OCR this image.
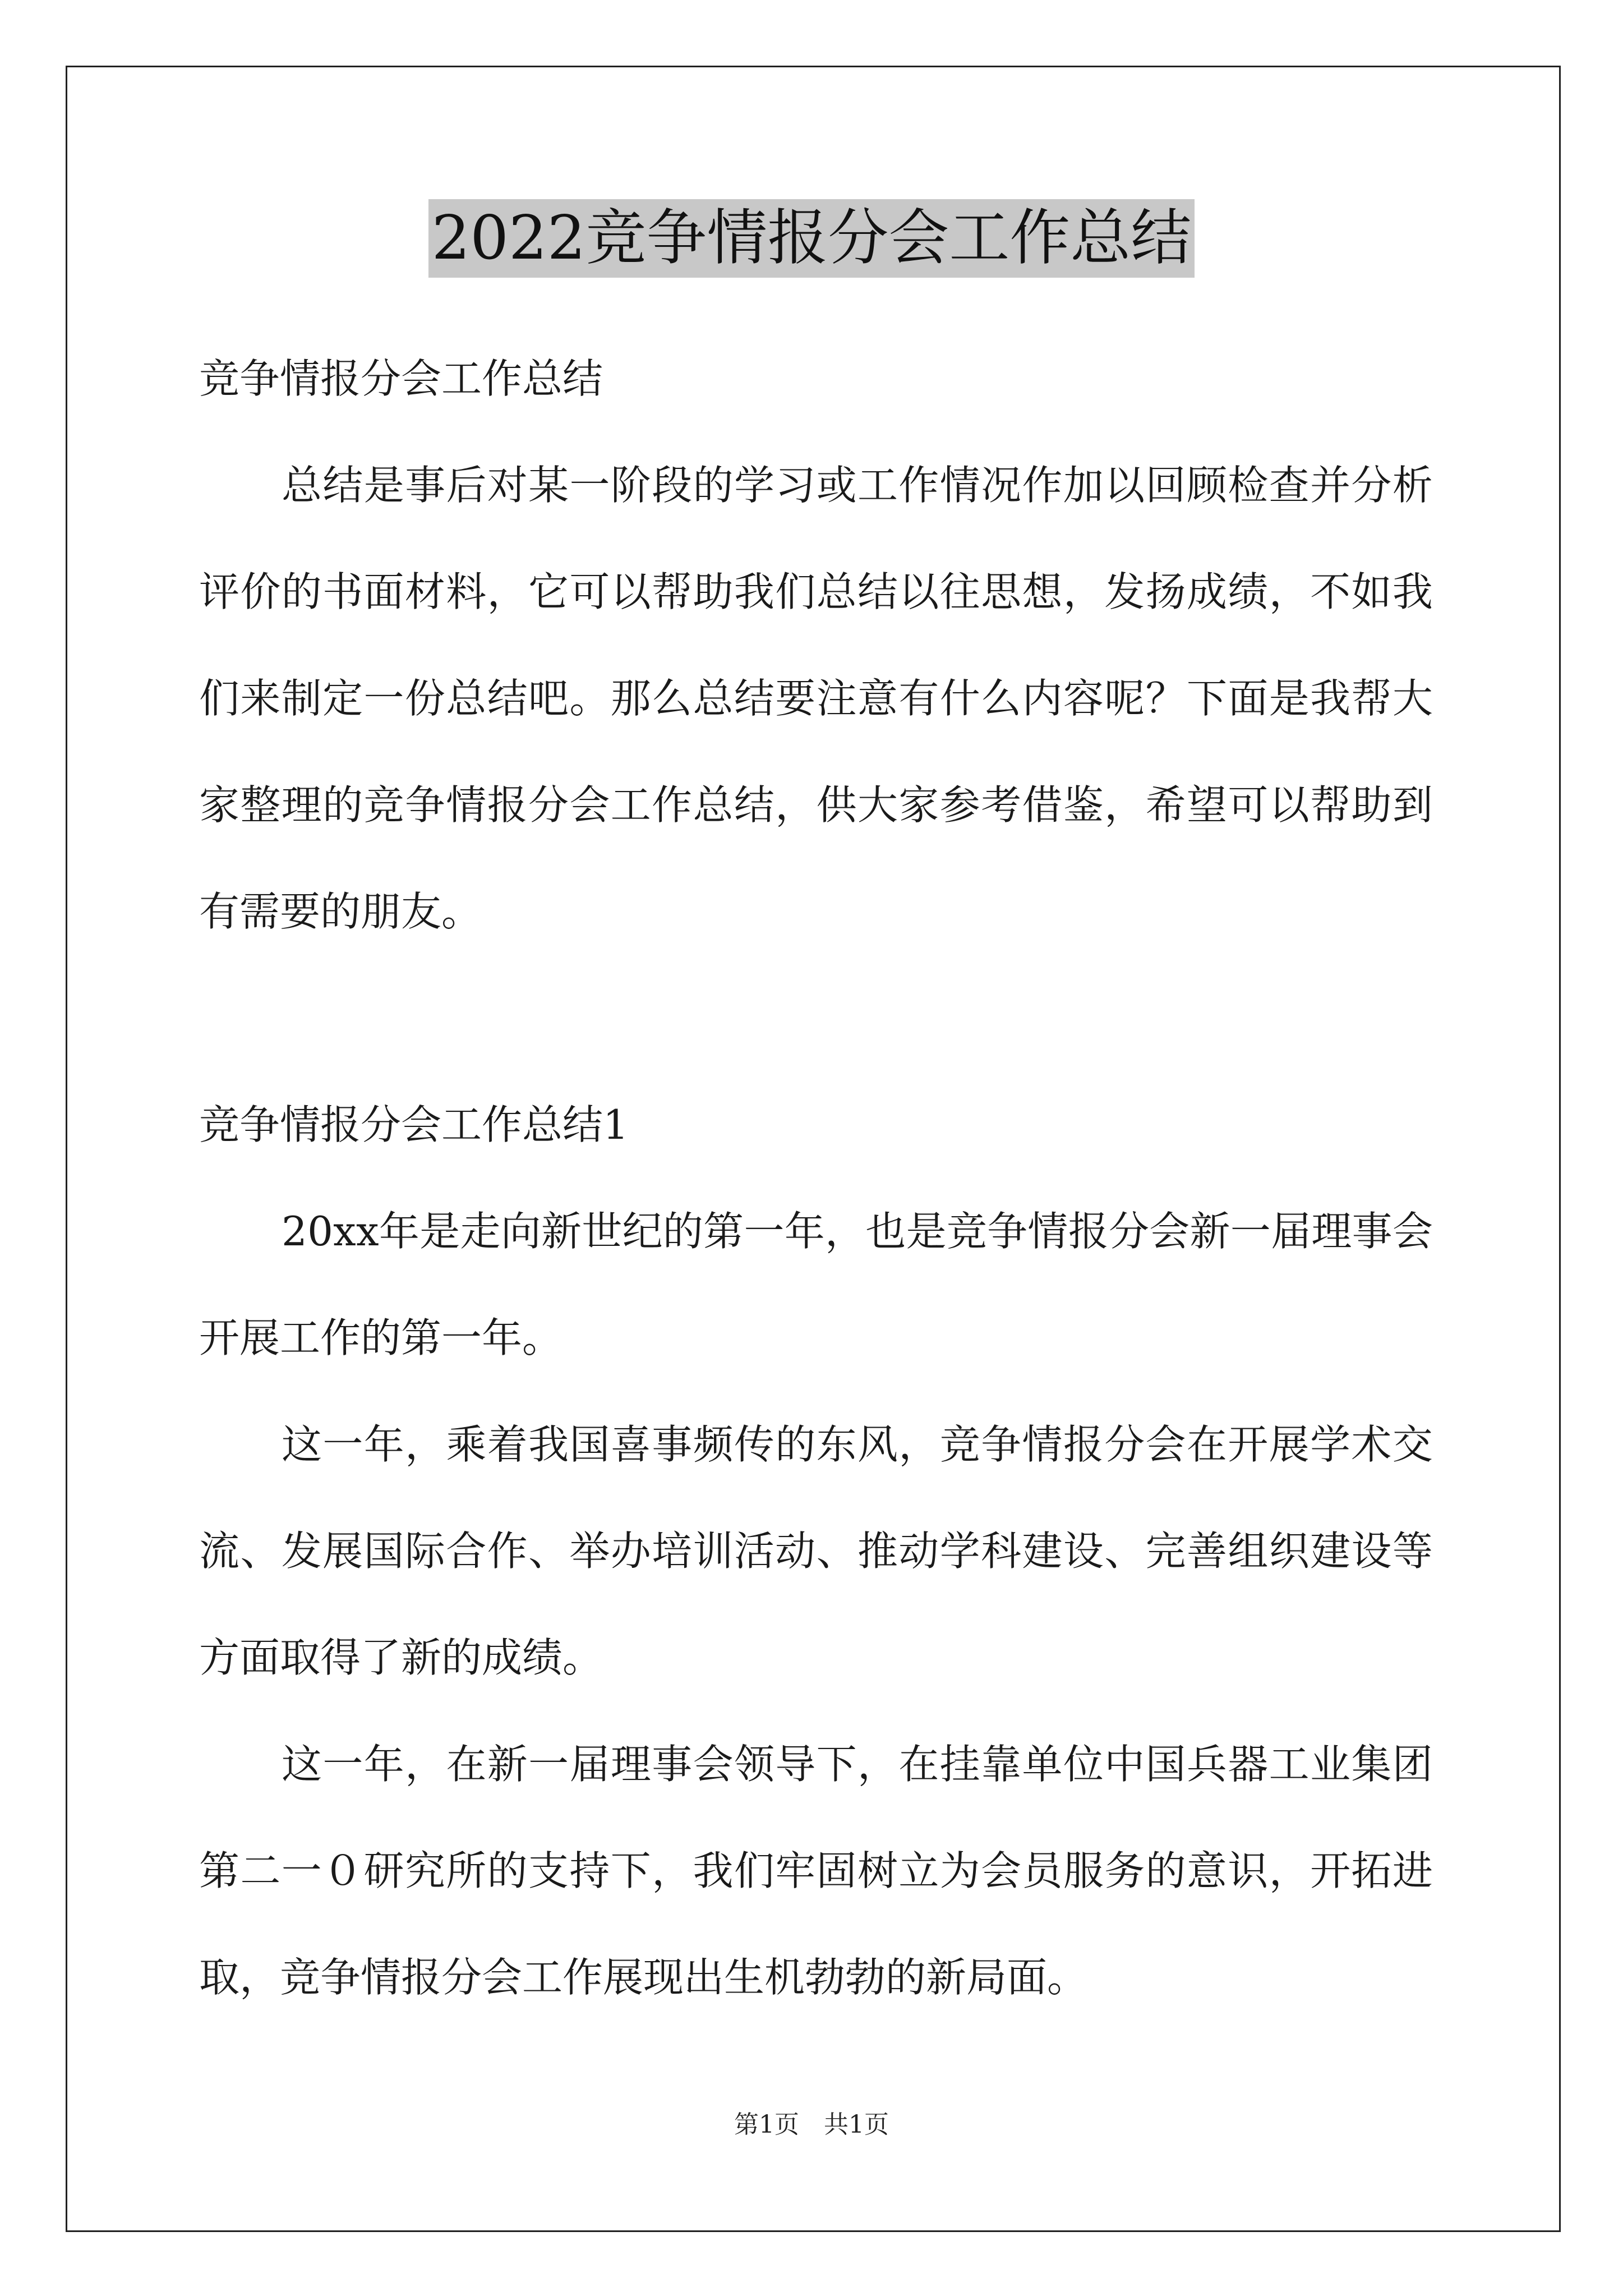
2022竞争情报分会工作总结
竞争情报分会工作总结
总 结 是 事 后 对 某 一 阶 段 的 学 习 或 工 作 情 况 作 加 以 回 顾 检 查 并 分 析
评 价 的 书 面 材 料 ， 它 可 以 帮 助 我 们 总 结 以 往 思 想 ， 发 扬 成 绩 ， 不 如 我
们 来 制 定 一 份 总 结 吧 。 那 么 总 结 要 注 意 有 什 么 内 容 呢 ？ 下 面 是 我 帮 大
家 整 理 的 竞 争 情 报 分 会 工 作 总 结 ， 供 大 家 参 考 借 鉴 ， 希 望 可 以 帮 助 到
有需要的朋友。
竞争情报分会工作总结1
2 0 x x 年 是 走 向 新 世 纪 的 第 一 年 ， 也 是 竞 争 情 报 分 会 新 一 届 理 事 会
开展工作的第一年。
这 一 年 ， 乘 着 我 国 喜 事 频 传 的 东 风 ， 竞 争 情 报 分 会 在 开 展 学 术 交
流 、 发 展 国 际 合 作 、 举 办 培 训 活 动 、 推 动 学 科 建 设 、 完 善 组 织 建 设 等
方面取得了新的成绩。
这 一 年 ， 在 新 一 届 理 事 会 领 导 下 ， 在 挂 靠 单 位 中 国 兵 器 工 业 集 团
第 二 一 ０ 研 究 所 的 支 持 下 ， 我 们 牢 固 树 立 为 会 员 服 务 的 意 识 ， 开 拓 进
取，竞争情报分会工作展现出生机勃勃的新局面。
第1页　共1页
